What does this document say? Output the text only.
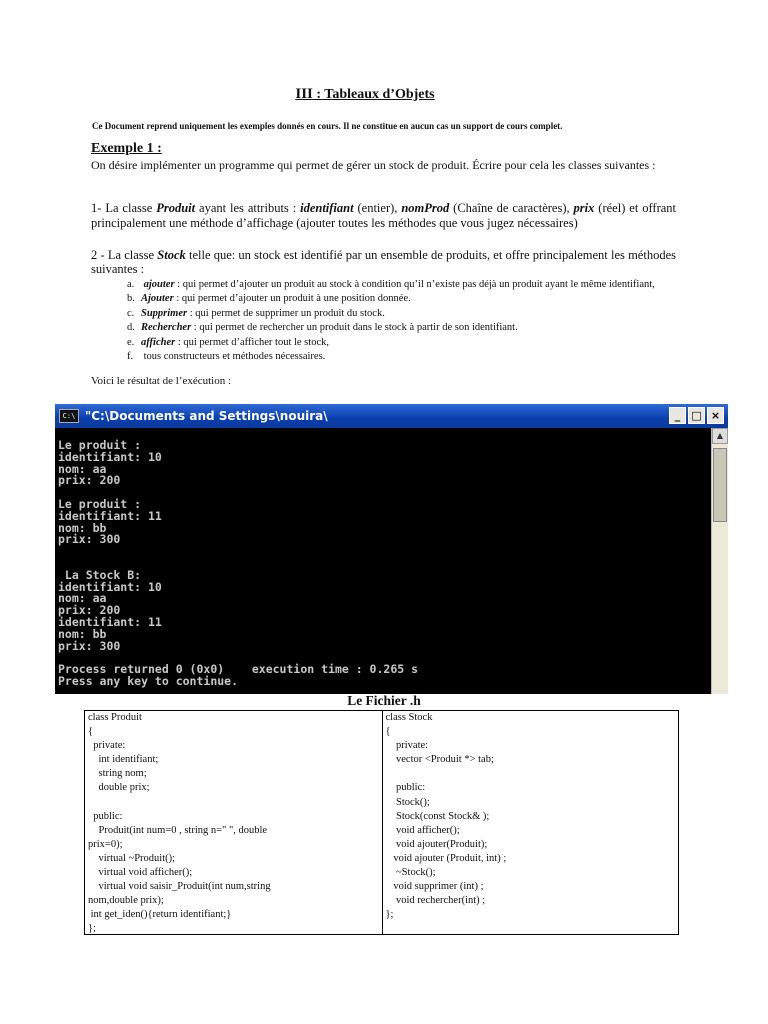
III : Tableaux d’Objets
Ce Document reprend uniquement les exemples donnés en cours. Il ne constitue en aucun cas un support de cours complet.
Exemple 1 :
On désire implémenter un programme qui permet de gérer un stock de produit. Écrire pour cela les classes suivantes :
1- La classe Produit ayant les attributs : identifiant (entier), nomProd (Chaîne de caractères), prix (réel) et offrant principalement une méthode d’affichage (ajouter toutes les méthodes que vous jugez nécessaires)
2 - La classe Stock telle que: un stock est identifié par un ensemble de produits, et offre principalement les méthodes suivantes :
a. ajouter : qui permet d’ajouter un produit au stock à condition qu’il n’existe pas déjà un produit ayant le même identifiant,
b. Ajouter : qui permet d’ajouter un produit à une position donnée.
c. Supprimer : qui permet de supprimer un produit du stock.
d. Rechercher : qui permet de rechercher un produit dans le stock à partir de son identifiant.
e. afficher : qui permet d’afficher tout le stock,
f. tous constructeurs et méthodes nécessaires.
Voici le résultat de l’exécution :
C:\ "C:\Documents and Settings\nouira\	_	□ ×
Le produit :
identifiant: 10
nom: aa
prix: 200

Le produit :
identifiant: 11
nom: bb
prix: 300

La Stock B:
identifiant: 10
nom: aa
prix: 200
identifiant: 11
nom: bb
prix: 300

Process returned 0 (0x0)    execution time : 0.265 s
Press any key to continue.
▲
Le Fichier .h
class Produit
{
private:
int identifiant;
string nom;
double prix;

public:
Produit(int num=0 , string n=" ", double
prix=0);
virtual ~Produit();
virtual void afficher();
virtual void saisir_Produit(int num,string
nom,double prix);
int get_iden(){return identifiant;}
};
class Stock
{
private:
vector <Produit *> tab;

public:
Stock();
Stock(const Stock& );
void afficher();
void ajouter(Produit);
void ajouter (Produit, int) ;
~Stock();
void supprimer (int) ;
void rechercher(int) ;
};
